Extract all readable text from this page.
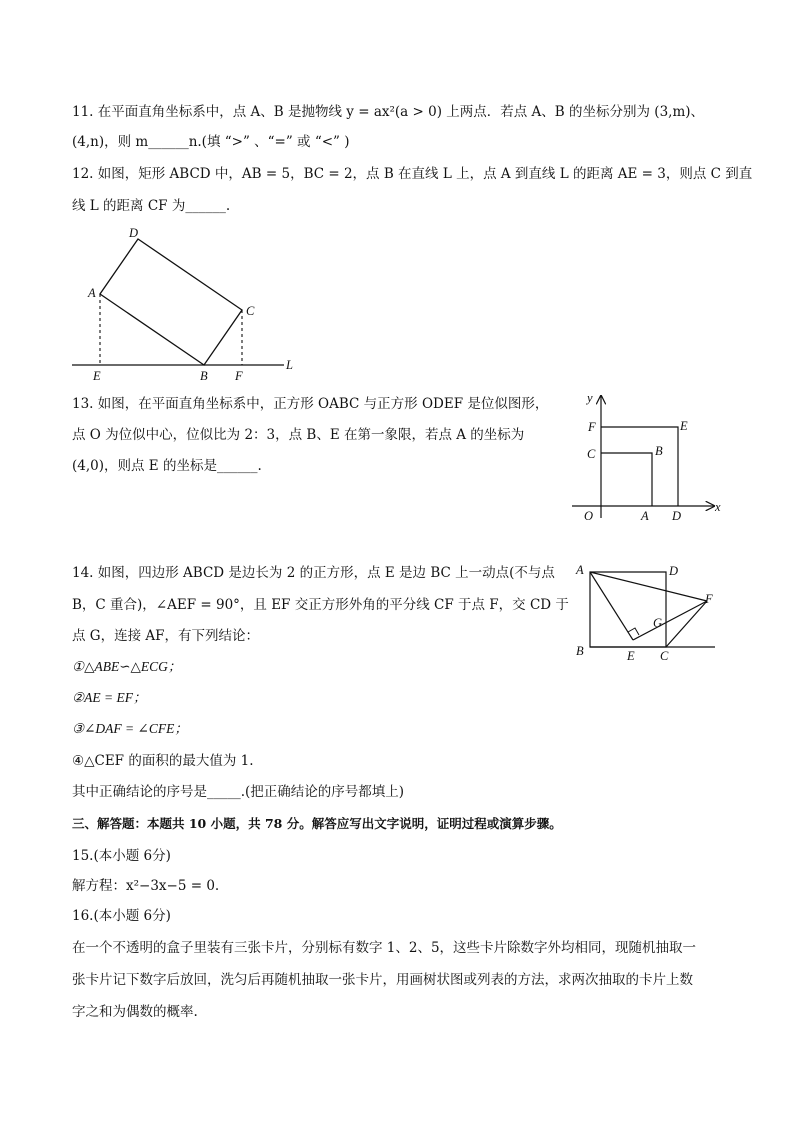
11. 在平面直角坐标系中，点 A、B 是抛物线 y = ax²(a > 0) 上两点．若点 A、B 的坐标分别为 (3,m)、
(4,n)，则 m______n.(填 “>” 、“=” 或 “<” )
12. 如图，矩形 ABCD 中，AB = 5，BC = 2，点 B 在直线 L 上，点 A 到直线 L 的距离 AE = 3，则点 C 到直
线 L 的距离 CF 为______.
D
A
C
E	B F
L
13. 如图，在平面直角坐标系中，正方形 OABC 与正方形 ODEF 是位似图形，
点 O 为位似中心，位似比为 2：3，点 B、E 在第一象限，若点 A 的坐标为
(4,0)，则点 E 的坐标是______.
y
x
F	E
C	B
O	A D
14. 如图，四边形 ABCD 是边长为 2 的正方形，点 E 是边 BC 上一动点(不与点
B，C 重合)，∠AEF = 90°，且 EF 交正方形外角的平分线 CF 于点 F，交 CD 于
点 G，连接 AF，有下列结论：
①△ABE∽△ECG；
②AE = EF；
③∠DAF = ∠CFE；
④△CEF 的面积的最大值为 1.
其中正确结论的序号是_____.(把正确结论的序号都填上)
A	D
F
G
B	E C
三、解答题：本题共 10 小题，共 78 分。解答应写出文字说明，证明过程或演算步骤。
15.(本小题 6分)
解方程：x²−3x−5 = 0.
16.(本小题 6分)
在一个不透明的盒子里装有三张卡片，分别标有数字 1、2、5，这些卡片除数字外均相同，现随机抽取一
张卡片记下数字后放回，洗匀后再随机抽取一张卡片，用画树状图或列表的方法，求两次抽取的卡片上数
字之和为偶数的概率.
